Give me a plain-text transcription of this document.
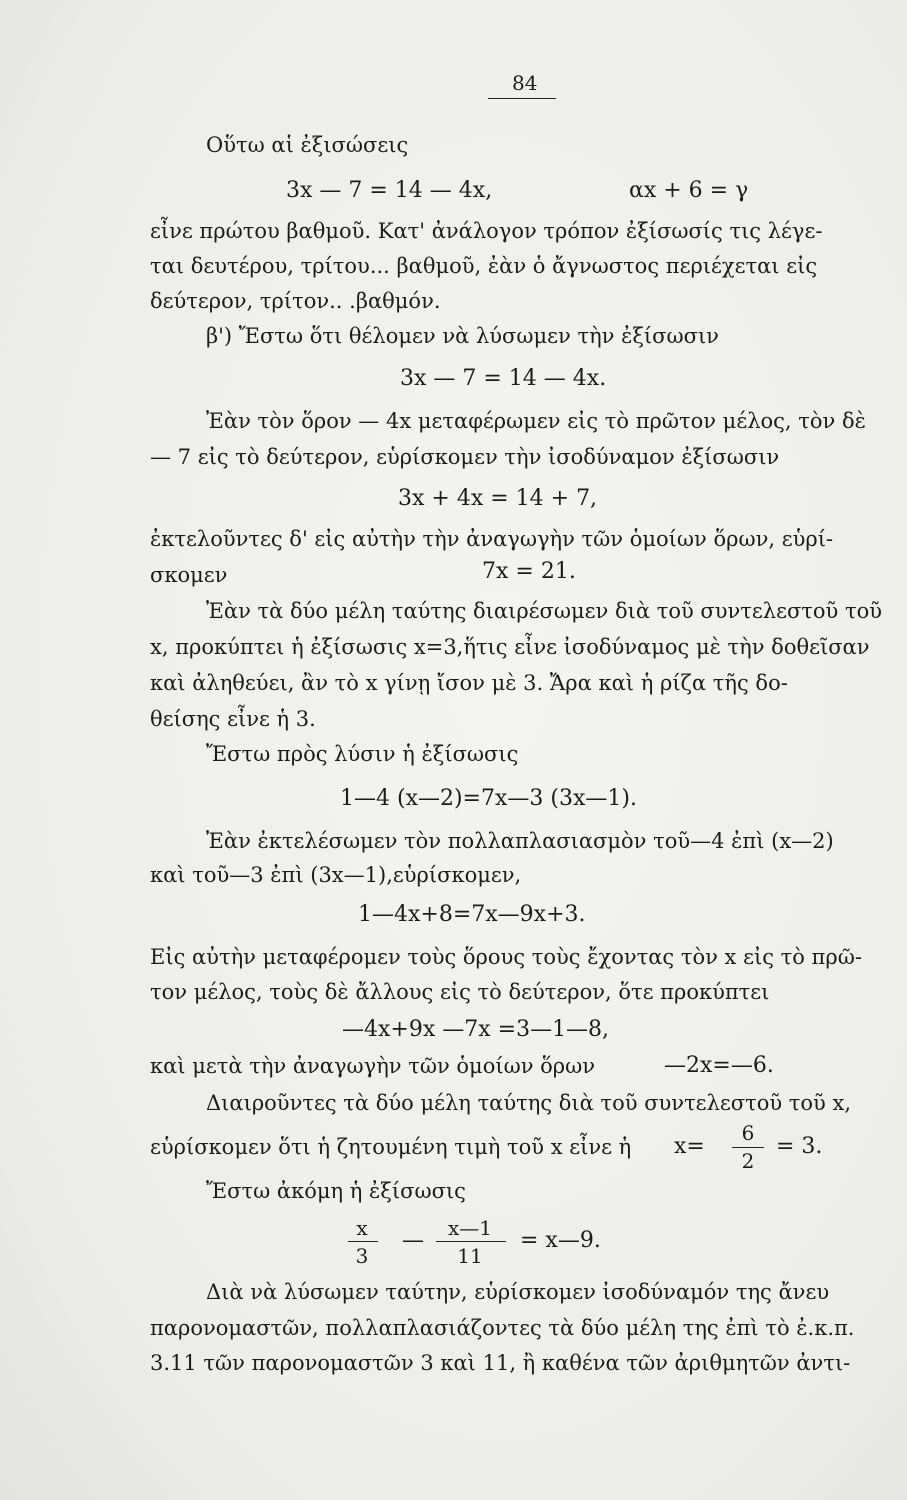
84
Οὕτω αἱ ἐξισώσεις
3x — 7 = 14 — 4x,	αx + 6 = γ
εἶνε πρώτου βαθμοῦ. Κατ' ἀνάλογον τρόπον ἐξίσωσίς τις λέγε-
ται δευτέρου, τρίτου... βαθμοῦ, ἐὰν ὁ ἄγνωστος περιέχεται εἰς
δεύτερον, τρίτον.. .βαθμόν.
β') Ἔστω ὅτι θέλομεν νὰ λύσωμεν τὴν ἐξίσωσιν
3x — 7 = 14 — 4x.
Ἐὰν τὸν ὅρον — 4x μεταφέρωμεν εἰς τὸ πρῶτον μέλος, τὸν δὲ
— 7 εἰς τὸ δεύτερον, εὑρίσκομεν τὴν ἰσοδύναμον ἐξίσωσιν
3x + 4x = 14 + 7,
ἐκτελοῦντες δ' εἰς αὐτὴν τὴν ἀναγωγὴν τῶν ὁμοίων ὅρων, εὑρί-
σκομεν	7x = 21.
Ἐὰν τὰ δύο μέλη ταύτης διαιρέσωμεν διὰ τοῦ συντελεστοῦ τοῦ
x, προκύπτει ἡ ἐξίσωσις x=3,ἥτις εἶνε ἰσοδύναμος μὲ τὴν δοθεῖσαν
καὶ ἀληθεύει, ἂν τὸ x γίνῃ ἴσον μὲ 3. Ἄρα καὶ ἡ ρίζα τῆς δο-
θείσης εἶνε ἡ 3.
Ἔστω πρὸς λύσιν ἡ ἐξίσωσις
1—4 (x—2)=7x—3 (3x—1).
Ἐὰν ἐκτελέσωμεν τὸν πολλαπλασιασμὸν τοῦ—4 ἐπὶ (x—2)
καὶ τοῦ—3 ἐπὶ (3x—1),εὑρίσκομεν,
1—4x+8=7x—9x+3.
Εἰς αὐτὴν μεταφέρομεν τοὺς ὅρους τοὺς ἔχοντας τὸν x εἰς τὸ πρῶ-
τον μέλος, τοὺς δὲ ἄλλους εἰς τὸ δεύτερον, ὅτε προκύπτει
—4x+9x —7x =3—1—8,
καὶ μετὰ τὴν ἀναγωγὴν τῶν ὁμοίων ὅρων	—2x=—6.
Διαιροῦντες τὰ δύο μέλη ταύτης διὰ τοῦ συντελεστοῦ τοῦ x,
εὑρίσκομεν ὅτι ἡ ζητουμένη τιμὴ τοῦ x εἶνε ἡ x=
6
2
= 3.
Ἔστω ἀκόμη ἡ ἐξίσωσις
x
3
—	x—1
11
= x—9.
Διὰ νὰ λύσωμεν ταύτην, εὑρίσκομεν ἰσοδύναμόν της ἄνευ
παρονομαστῶν, πολλαπλασιάζοντες τὰ δύο μέλη της ἐπὶ τὸ ἐ.κ.π.
3.11 τῶν παρονομαστῶν 3 καὶ 11, ἢ καθένα τῶν ἀριθμητῶν ἀντι-
